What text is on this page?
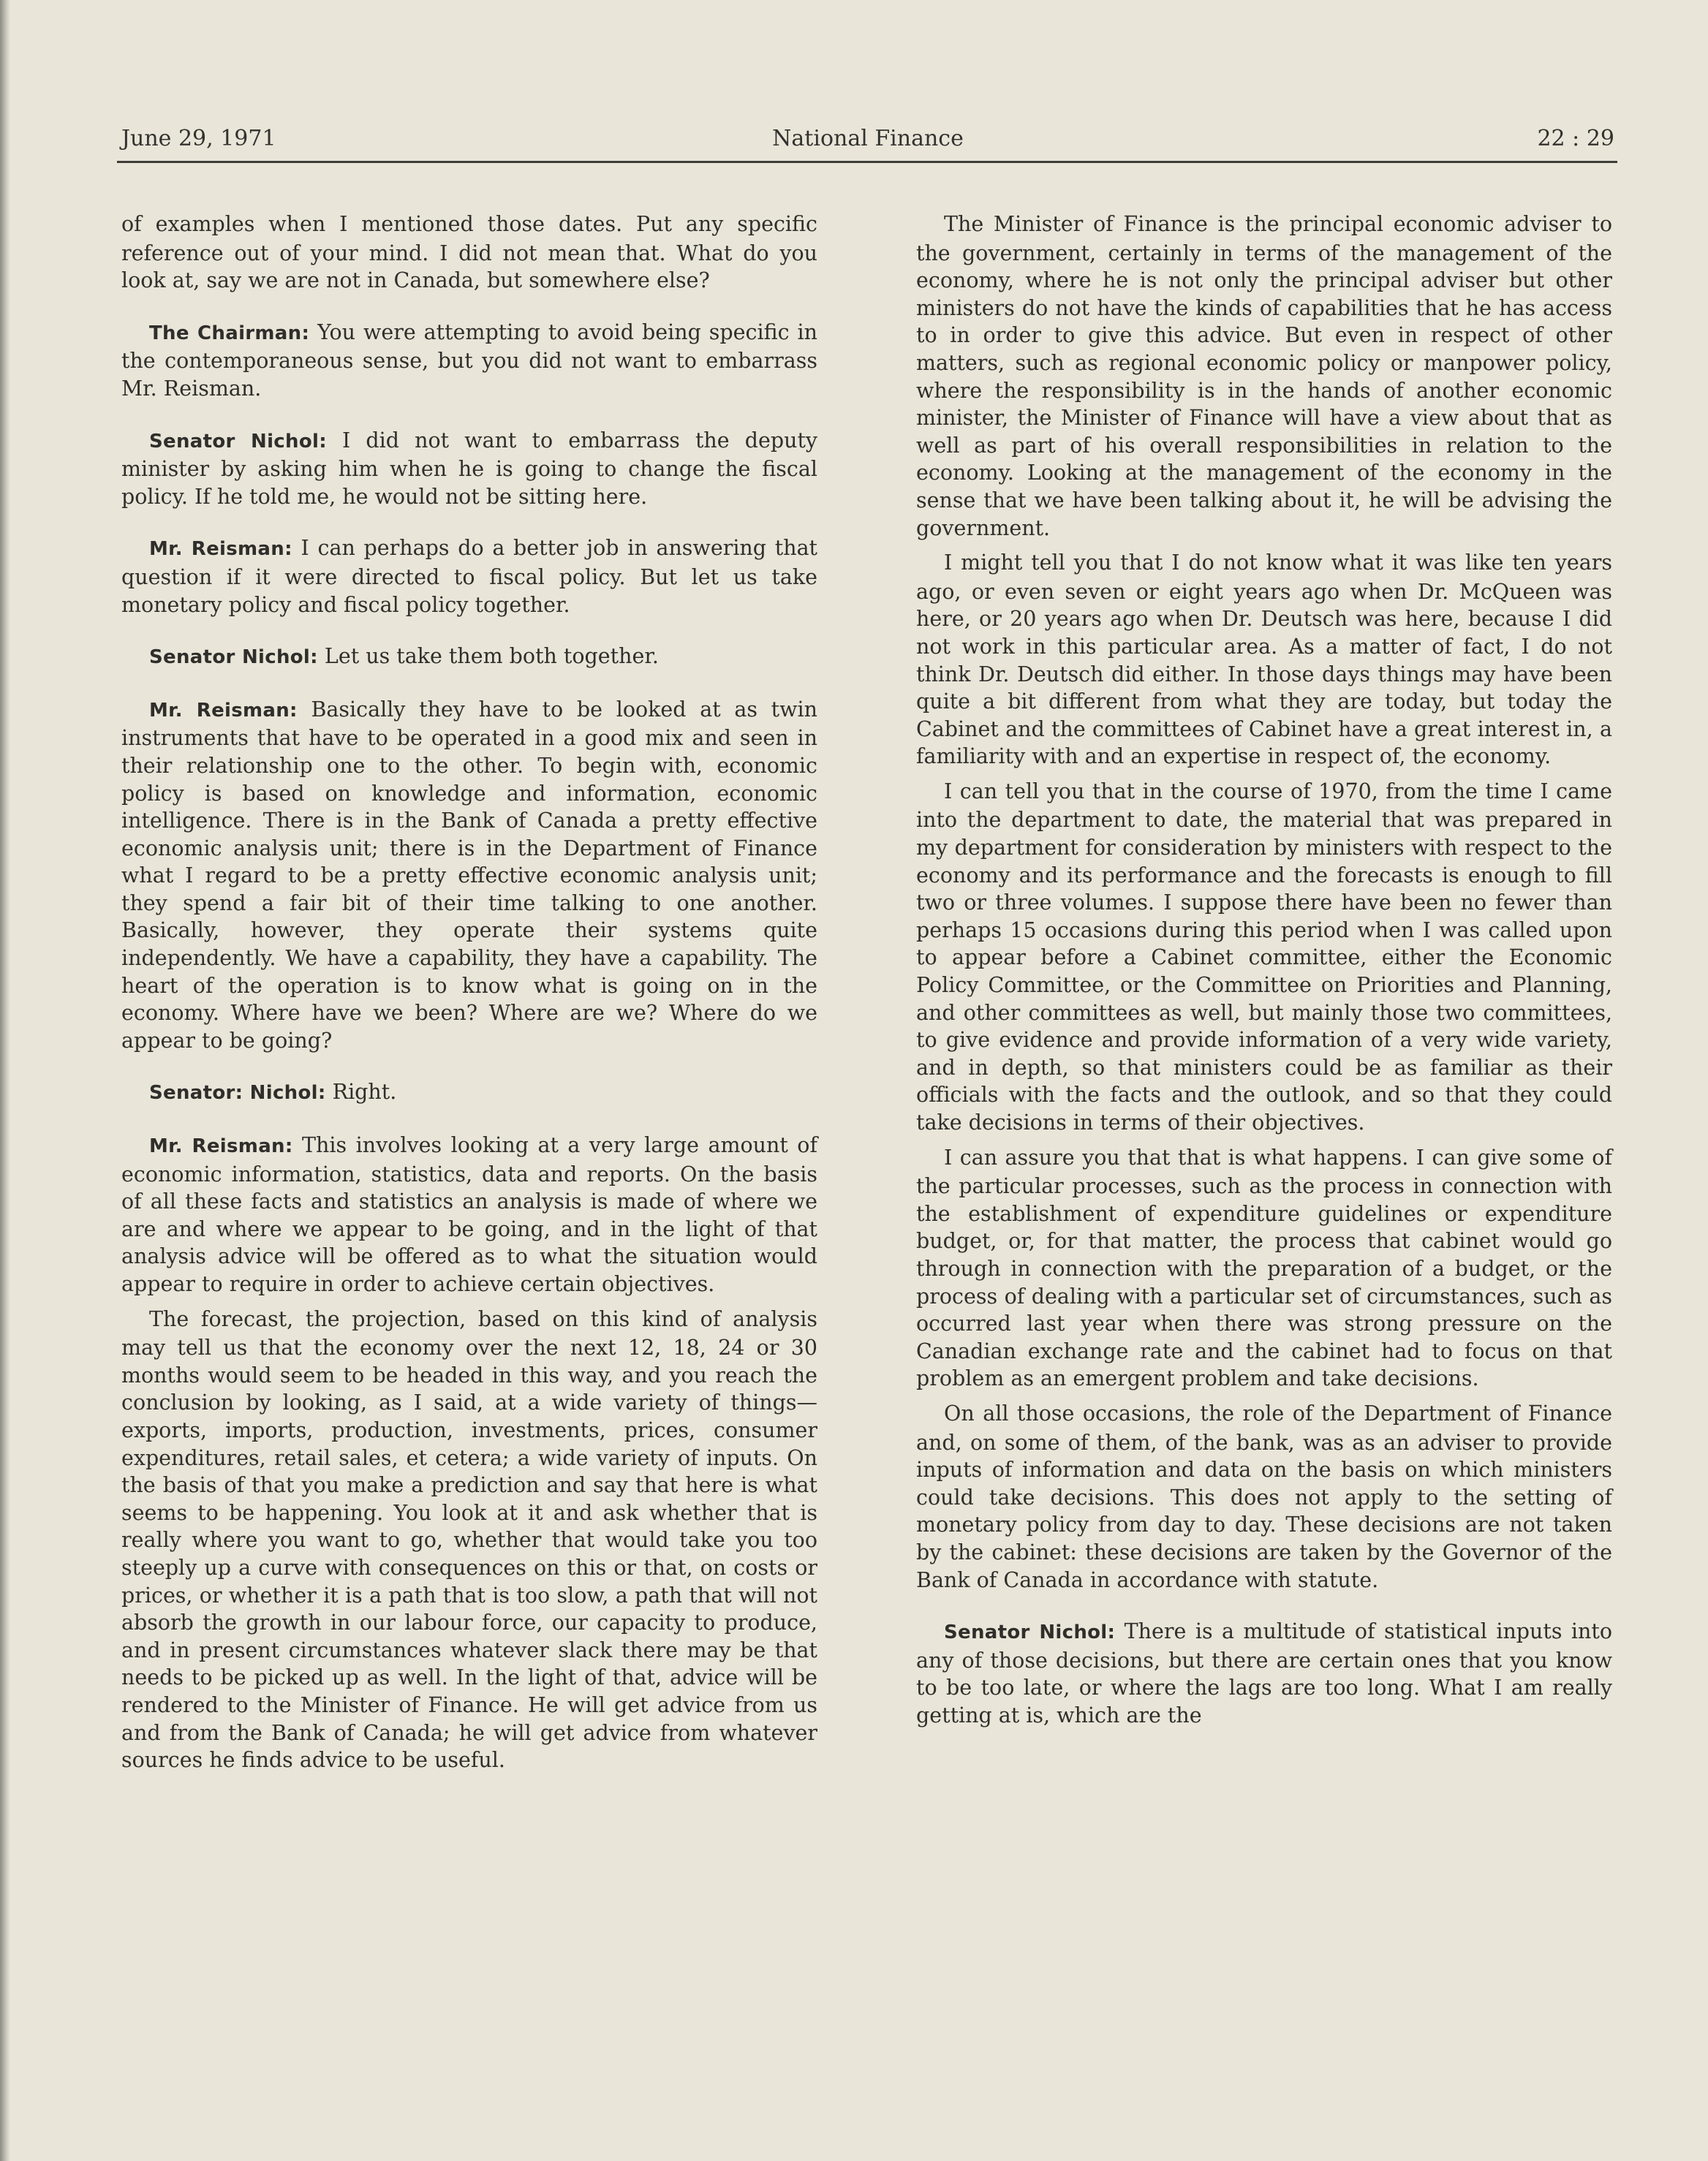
June 29, 1971	National Finance	22 : 29

of examples when I mentioned those dates. Put any specific reference out of your mind. I did not mean that. What do you look at, say we are not in Canada, but somewhere else?

The Chairman: You were attempting to avoid being specific in the contemporaneous sense, but you did not want to embarrass Mr. Reisman.

Senator Nichol: I did not want to embarrass the deputy minister by asking him when he is going to change the fiscal policy. If he told me, he would not be sitting here.

Mr. Reisman: I can perhaps do a better job in answering that question if it were directed to fiscal policy. But let us take monetary policy and fiscal policy together.

Senator Nichol: Let us take them both together.

Mr. Reisman: Basically they have to be looked at as twin instruments that have to be operated in a good mix and seen in their relationship one to the other. To begin with, economic policy is based on knowledge and information, economic intelligence. There is in the Bank of Canada a pretty effective economic analysis unit; there is in the Department of Finance what I regard to be a pretty effective economic analysis unit; they spend a fair bit of their time talking to one another. Basically, however, they operate their systems quite independently. We have a capability, they have a capability. The heart of the operation is to know what is going on in the economy. Where have we been? Where are we? Where do we appear to be going?

Senator: Nichol: Right.

Mr. Reisman: This involves looking at a very large amount of economic information, statistics, data and reports. On the basis of all these facts and statistics an analysis is made of where we are and where we appear to be going, and in the light of that analysis advice will be offered as to what the situation would appear to require in order to achieve certain objectives.

The forecast, the projection, based on this kind of analysis may tell us that the economy over the next 12, 18, 24 or 30 months would seem to be headed in this way, and you reach the conclusion by looking, as I said, at a wide variety of things—exports, imports, production, investments, prices, consumer expenditures, retail sales, et cetera; a wide variety of inputs. On the basis of that you make a prediction and say that here is what seems to be happening. You look at it and ask whether that is really where you want to go, whether that would take you too steeply up a curve with consequences on this or that, on costs or prices, or whether it is a path that is too slow, a path that will not absorb the growth in our labour force, our capacity to produce, and in present circumstances whatever slack there may be that needs to be picked up as well. In the light of that, advice will be rendered to the Minister of Finance. He will get advice from us and from the Bank of Canada; he will get advice from whatever sources he finds advice to be useful.

The Minister of Finance is the principal economic adviser to the government, certainly in terms of the management of the economy, where he is not only the principal adviser but other ministers do not have the kinds of capabilities that he has access to in order to give this advice. But even in respect of other matters, such as regional economic policy or manpower policy, where the responsibility is in the hands of another economic minister, the Minister of Finance will have a view about that as well as part of his overall responsibilities in relation to the economy. Looking at the management of the economy in the sense that we have been talking about it, he will be advising the government.

I might tell you that I do not know what it was like ten years ago, or even seven or eight years ago when Dr. McQueen was here, or 20 years ago when Dr. Deutsch was here, because I did not work in this particular area. As a matter of fact, I do not think Dr. Deutsch did either. In those days things may have been quite a bit different from what they are today, but today the Cabinet and the committees of Cabinet have a great interest in, a familiarity with and an expertise in respect of, the economy.

I can tell you that in the course of 1970, from the time I came into the department to date, the material that was prepared in my department for consideration by ministers with respect to the economy and its performance and the forecasts is enough to fill two or three volumes. I suppose there have been no fewer than perhaps 15 occasions during this period when I was called upon to appear before a Cabinet committee, either the Economic Policy Committee, or the Committee on Priorities and Planning, and other committees as well, but mainly those two committees, to give evidence and provide information of a very wide variety, and in depth, so that ministers could be as familiar as their officials with the facts and the outlook, and so that they could take decisions in terms of their objectives.

I can assure you that that is what happens. I can give some of the particular processes, such as the process in connection with the establishment of expenditure guidelines or expenditure budget, or, for that matter, the process that cabinet would go through in connection with the preparation of a budget, or the process of dealing with a particular set of circumstances, such as occurred last year when there was strong pressure on the Canadian exchange rate and the cabinet had to focus on that problem as an emergent problem and take decisions.

On all those occasions, the role of the Department of Finance and, on some of them, of the bank, was as an adviser to provide inputs of information and data on the basis on which ministers could take decisions. This does not apply to the setting of monetary policy from day to day. These decisions are not taken by the cabinet: these decisions are taken by the Governor of the Bank of Canada in accordance with statute.

Senator Nichol: There is a multitude of statistical inputs into any of those decisions, but there are certain ones that you know to be too late, or where the lags are too long. What I am really getting at is, which are the
